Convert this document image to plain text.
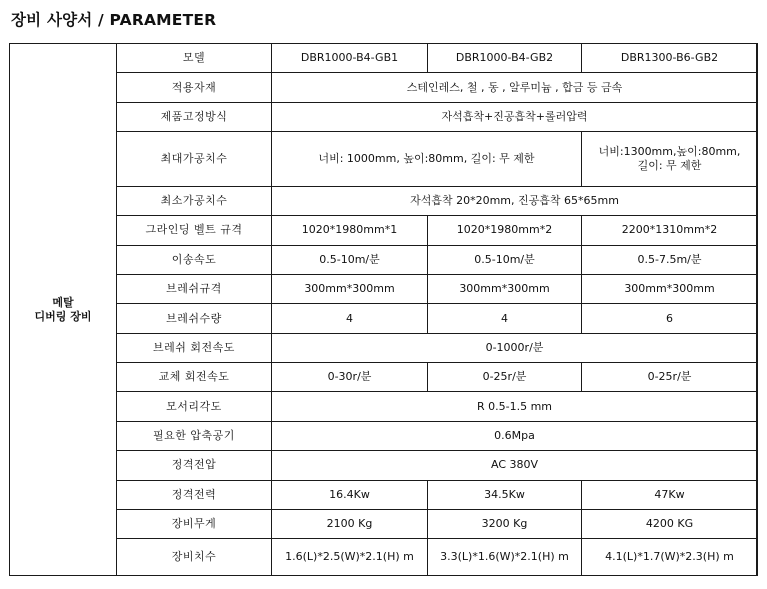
장비 사양서 / PARAMETER
메탈
디버링 장비	모델	DBR1000-B4-GB1	DBR1000-B4-GB2	DBR1300-B6-GB2
	적용자재	스테인레스, 철 , 동 , 알루미늄 , 합금 등 금속		
	제품고정방식	자석흡착+진공흡착+롤러압력		
	최대가공치수	너비: 1000mm, 높이:80mm, 길이: 무 제한		너비:1300mm,높이:80mm,
길이: 무 제한
	최소가공치수	자석흡착 20*20mm, 진공흡착 65*65mm		
	그라인딩 벨트 규격	1020*1980mm*1	1020*1980mm*2	2200*1310mm*2
	이송속도	0.5-10m/분	0.5-10m/분	0.5-7.5m/분
	브레쉬규격	300mm*300mm	300mm*300mm	300mm*300mm
	브레쉬수량	4	4	6
	브레쉬 회전속도	0-1000r/분		
	교체 회전속도	0-30r/분	0-25r/분	0-25r/분
	모서리각도	R 0.5-1.5 mm		
	필요한 압축공기	0.6Mpa		
	정격전압	AC 380V		
	정격전력	16.4Kw	34.5Kw	47Kw
	장비무게	2100 Kg	3200 Kg	4200 KG
	장비치수	1.6(L)*2.5(W)*2.1(H) m	3.3(L)*1.6(W)*2.1(H) m	4.1(L)*1.7(W)*2.3(H) m
